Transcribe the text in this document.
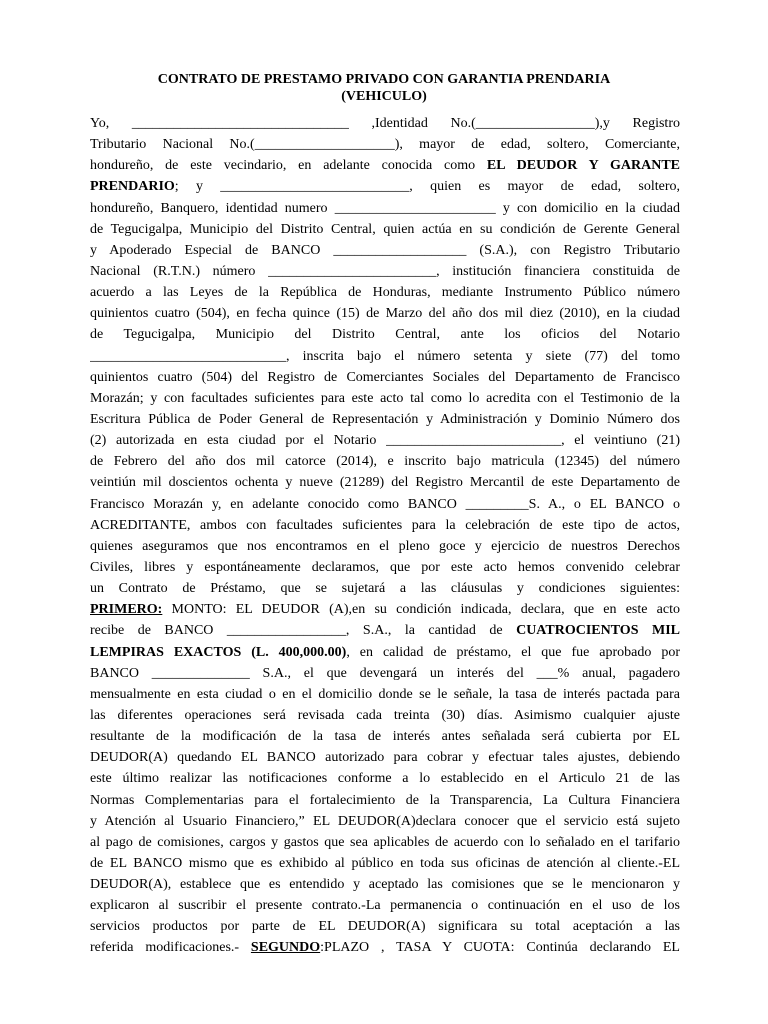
CONTRATO DE PRESTAMO PRIVADO CON GARANTIA PRENDARIA
(VEHICULO)
Yo, _______________________________ ,Identidad No.(_________________),y Registro
Tributario Nacional No.(____________________), mayor de edad, soltero, Comerciante,
hondureño, de este vecindario, en adelante conocida como EL DEUDOR Y GARANTE
PRENDARIO; y ___________________________, quien es mayor de edad, soltero,
hondureño, Banquero, identidad numero _______________________ y con domicilio en la ciudad
de Tegucigalpa, Municipio del Distrito Central, quien actúa en su condición de Gerente General
y Apoderado Especial de BANCO ___________________ (S.A.), con Registro Tributario
Nacional (R.T.N.) número ________________________, institución financiera constituida de
acuerdo a las Leyes de la República de Honduras, mediante Instrumento Público número
quinientos cuatro (504), en fecha quince (15) de Marzo del año dos mil diez (2010), en la ciudad
de Tegucigalpa, Municipio del Distrito Central, ante los oficios del Notario
____________________________, inscrita bajo el número setenta y siete (77) del tomo
quinientos cuatro (504) del Registro de Comerciantes Sociales del Departamento de Francisco
Morazán; y con facultades suficientes para este acto tal como lo acredita con el Testimonio de la
Escritura Pública de Poder General de Representación y Administración y Dominio Número dos
(2) autorizada en esta ciudad por el Notario _________________________, el veintiuno (21)
de Febrero del año dos mil catorce (2014), e inscrito bajo matricula (12345) del número
veintiún mil doscientos ochenta y nueve (21289) del Registro Mercantil de este Departamento de
Francisco Morazán y, en adelante conocido como BANCO _________S. A., o EL BANCO o
ACREDITANTE, ambos con facultades suficientes para la celebración de este tipo de actos,
quienes aseguramos que nos encontramos en el pleno goce y ejercicio de nuestros Derechos
Civiles, libres y espontáneamente declaramos, que por este acto hemos convenido celebrar
un Contrato de Préstamo, que se sujetará a las cláusulas y condiciones siguientes:
PRIMERO: MONTO: EL DEUDOR (A),en su condición indicada, declara, que en este acto
recibe de BANCO _________________, S.A., la cantidad de CUATROCIENTOS MIL
LEMPIRAS EXACTOS (L. 400,000.00), en calidad de préstamo, el que fue aprobado por
BANCO ______________ S.A., el que devengará un interés del ___% anual, pagadero
mensualmente en esta ciudad o en el domicilio donde se le señale, la tasa de interés pactada para
las diferentes operaciones será revisada cada treinta (30) días. Asimismo cualquier ajuste
resultante de la modificación de la tasa de interés antes señalada será cubierta por EL
DEUDOR(A) quedando EL BANCO autorizado para cobrar y efectuar tales ajustes, debiendo
este último realizar las notificaciones conforme a lo establecido en el Articulo 21 de las
Normas Complementarias para el fortalecimiento de la Transparencia, La Cultura Financiera
y Atención al Usuario Financiero,” EL DEUDOR(A)declara conocer que el servicio está sujeto
al pago de comisiones, cargos y gastos que sea aplicables de acuerdo con lo señalado en el tarifario
de EL BANCO mismo que es exhibido al público en toda sus oficinas de atención al cliente.-EL
DEUDOR(A), establece que es entendido y aceptado las comisiones que se le mencionaron y
explicaron al suscribir el presente contrato.-La permanencia o continuación en el uso de los
servicios productos por parte de EL DEUDOR(A) significara su total aceptación a las
referida modificaciones.- SEGUNDO:PLAZO , TASA Y CUOTA: Continúa declarando EL
